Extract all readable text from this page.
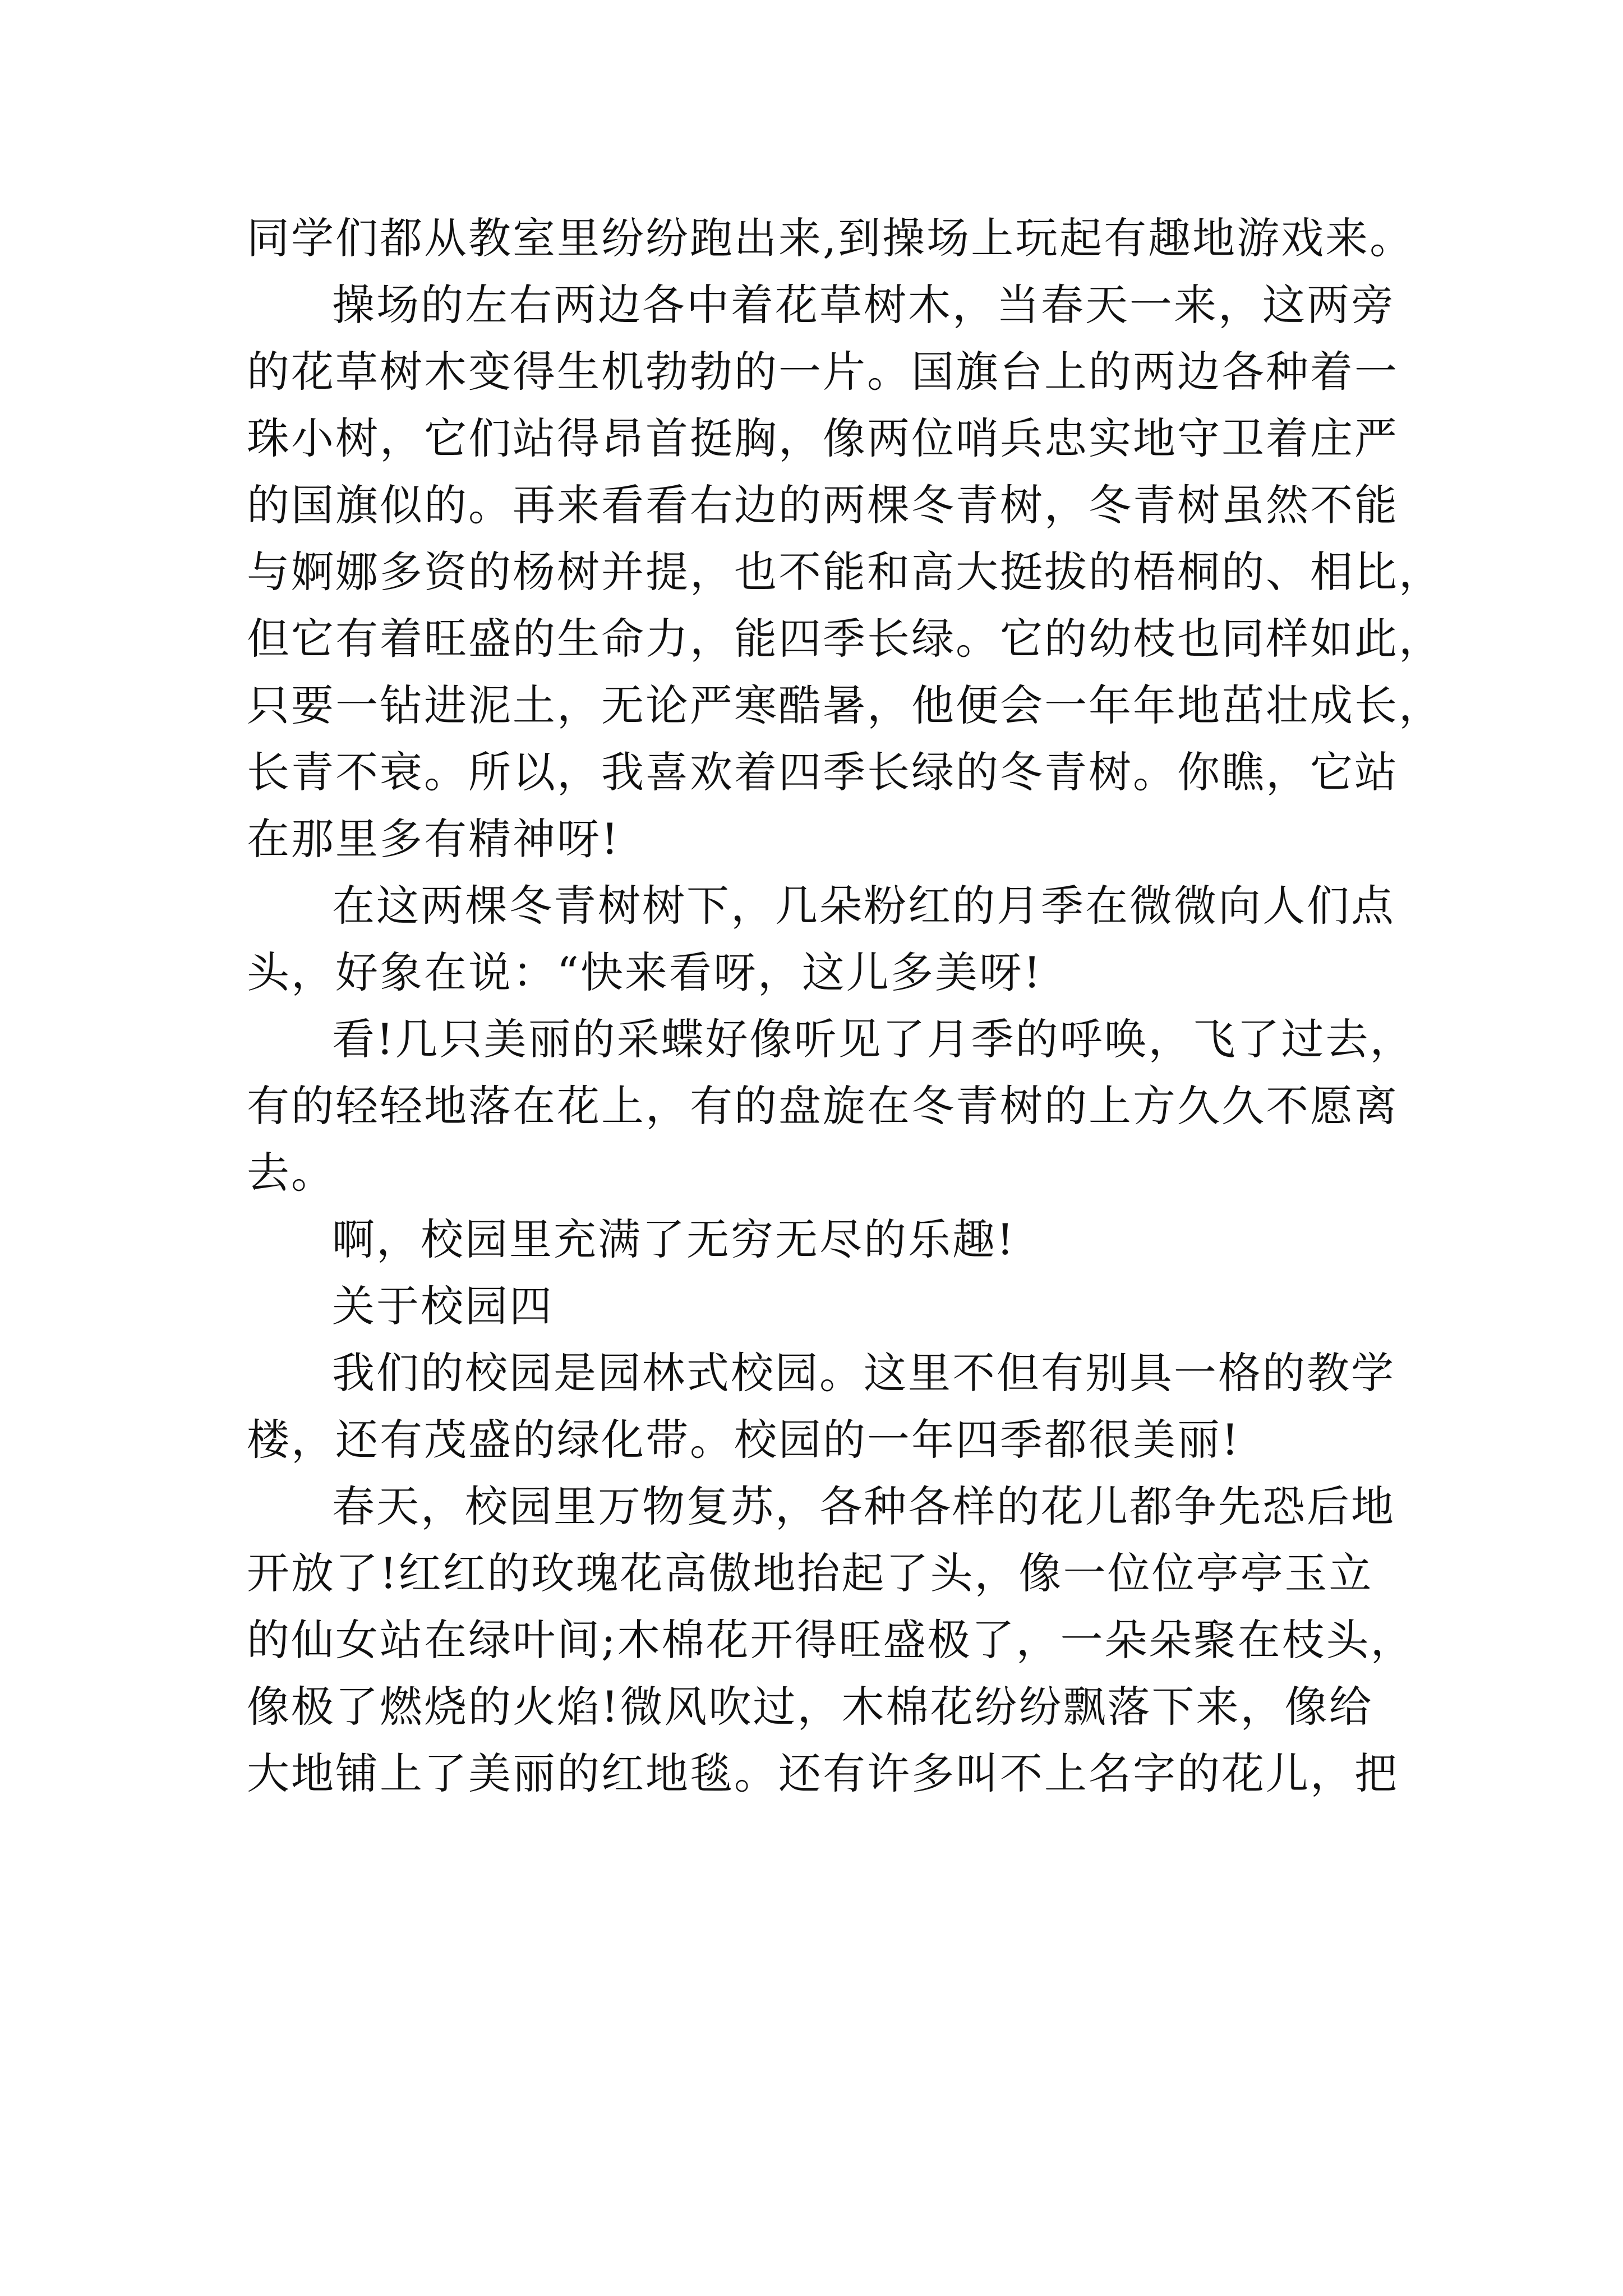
同学们都从教室里纷纷跑出来,到操场上玩起有趣地游戏来。
操场的左右两边各中着花草树木，当春天一来，这两旁
的花草树木变得生机勃勃的一片。国旗台上的两边各种着一
珠小树，它们站得昂首挺胸，像两位哨兵忠实地守卫着庄严
的国旗似的。再来看看右边的两棵冬青树，冬青树虽然不能
与婀娜多资的杨树并提，也不能和高大挺拔的梧桐的、相比，
但它有着旺盛的生命力，能四季长绿。它的幼枝也同样如此，
只要一钻进泥土，无论严寒酷暑，他便会一年年地茁壮成长，
长青不衰。所以，我喜欢着四季长绿的冬青树。你瞧，它站
在那里多有精神呀!
在这两棵冬青树树下，几朵粉红的月季在微微向人们点
头，好象在说：“快来看呀，这儿多美呀!
看!几只美丽的采蝶好像听见了月季的呼唤，飞了过去，
有的轻轻地落在花上，有的盘旋在冬青树的上方久久不愿离
去。
啊，校园里充满了无穷无尽的乐趣!
关于校园四
我们的校园是园林式校园。这里不但有别具一格的教学
楼，还有茂盛的绿化带。校园的一年四季都很美丽!
春天，校园里万物复苏，各种各样的花儿都争先恐后地
开放了!红红的玫瑰花高傲地抬起了头，像一位位亭亭玉立
的仙女站在绿叶间;木棉花开得旺盛极了，一朵朵聚在枝头，
像极了燃烧的火焰!微风吹过，木棉花纷纷飘落下来，像给
大地铺上了美丽的红地毯。还有许多叫不上名字的花儿，把
